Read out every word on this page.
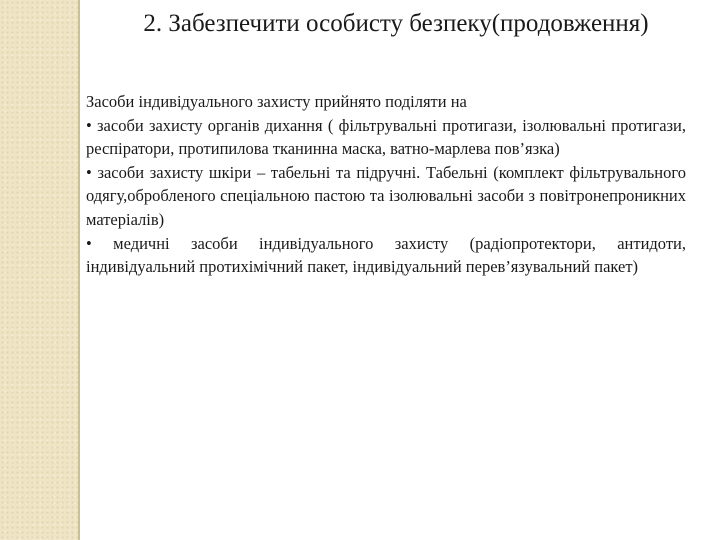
2. Забезпечити особисту безпеку(продовження)

Засоби індивідуального захисту прийнято поділяти на

• засоби захисту органів дихання ( фільтрувальні протигази, ізолювальні протигази, респіратори, протипилова тканинна маска, ватно-марлева пов’язка)

• засоби захисту шкіри – табельні та підручні. Табельні (комплект фільтрувального одягу,обробленого спеціальною пастою та ізолювальні засоби з повітронепроникних матеріалів)

• медичні засоби індивідуального захисту (радіопротектори, антидоти, індивідуальний протихімічний пакет, індивідуальний перев’язувальний пакет)
